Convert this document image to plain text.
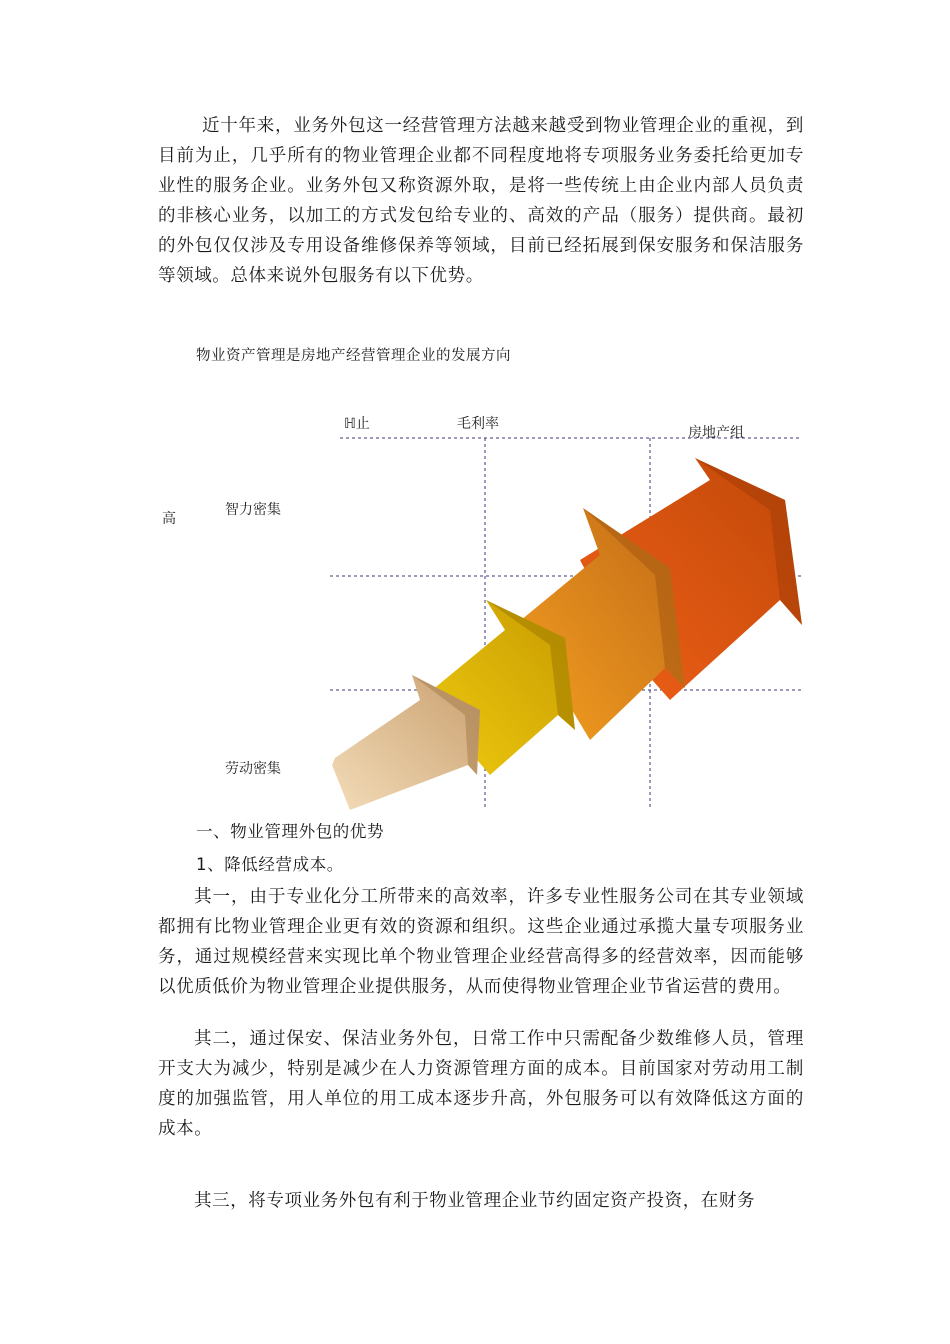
近十年来，业务外包这一经营管理方法越来越受到物业管理企业的重视，到目前为止，几乎所有的物业管理企业都不同程度地将专项服务业务委托给更加专业性的服务企业。业务外包又称资源外取，是将一些传统上由企业内部人员负责的非核心业务，以加工的方式发包给专业的、高效的产品（服务）提供商。最初的外包仅仅涉及专用设备维修保养等领域，目前已经拓展到保安服务和保洁服务等领域。总体来说外包服务有以下优势。

物业资产管理是房地产经营管理企业的发展方向
ℍ止	毛利率
房地产组
高
智力密集
劳动密集
一、物业管理外包的优势
1、降低经营成本。

其一，由于专业化分工所带来的高效率，许多专业性服务公司在其专业领域都拥有比物业管理企业更有效的资源和组织。这些企业通过承揽大量专项服务业务，通过规模经营来实现比单个物业管理企业经营高得多的经营效率，因而能够以优质低价为物业管理企业提供服务，从而使得物业管理企业节省运营的费用。

其二，通过保安、保洁业务外包，日常工作中只需配备少数维修人员，管理开支大为减少，特别是减少在人力资源管理方面的成本。目前国家对劳动用工制度的加强监管，用人单位的用工成本逐步升高，外包服务可以有效降低这方面的成本。

其三，将专项业务外包有利于物业管理企业节约固定资产投资，在财务
